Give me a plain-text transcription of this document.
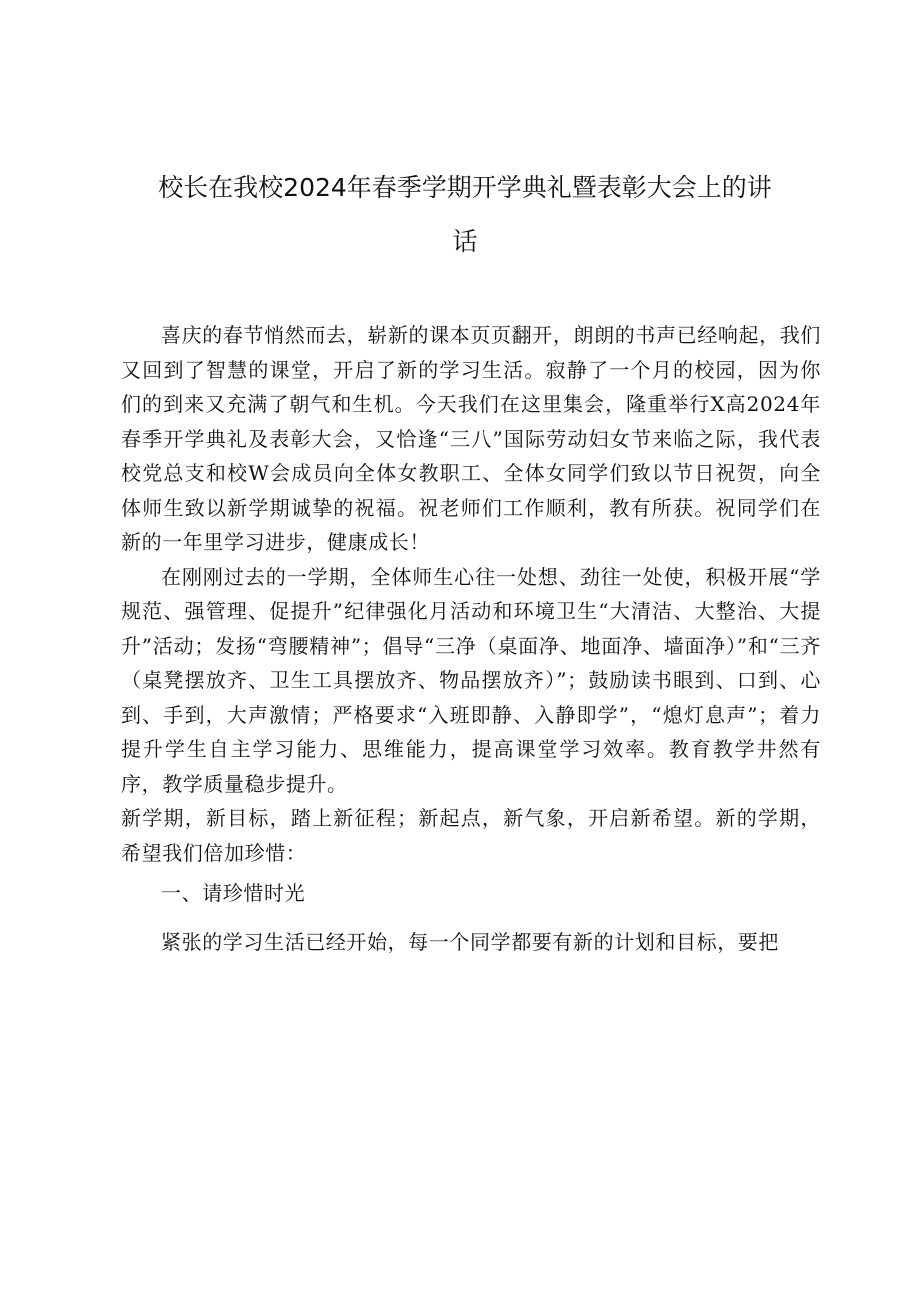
校长在我校2024年春季学期开学典礼暨表彰大会上的讲
话

喜庆的春节悄然而去，崭新的课本页页翻开，朗朗的书声已经响起，我们又回到了智慧的课堂，开启了新的学习生活。寂静了一个月的校园，因为你们的到来又充满了朝气和生机。今天我们在这里集会，隆重举行X高2024年春季开学典礼及表彰大会，又恰逢“三八”国际劳动妇女节来临之际，我代表校党总支和校W会成员向全体女教职工、全体女同学们致以节日祝贺，向全体师生致以新学期诚挚的祝福。祝老师们工作顺利，教有所获。祝同学们在新的一年里学习进步，健康成长！

在刚刚过去的一学期，全体师生心往一处想、劲往一处使，积极开展“学规范、强管理、促提升”纪律强化月活动和环境卫生“大清洁、大整治、大提升”活动；发扬“弯腰精神”；倡导“三净（桌面净、地面净、墙面净）”和“三齐（桌凳摆放齐、卫生工具摆放齐、物品摆放齐）”；鼓励读书眼到、口到、心到、手到，大声激情；严格要求“入班即静、入静即学”，“熄灯息声”；着力提升学生自主学习能力、思维能力，提高课堂学习效率。教育教学井然有序，教学质量稳步提升。

新学期，新目标，踏上新征程；新起点，新气象，开启新希望。新的学期，希望我们倍加珍惜：

一、请珍惜时光

紧张的学习生活已经开始，每一个同学都要有新的计划和目标，要把
